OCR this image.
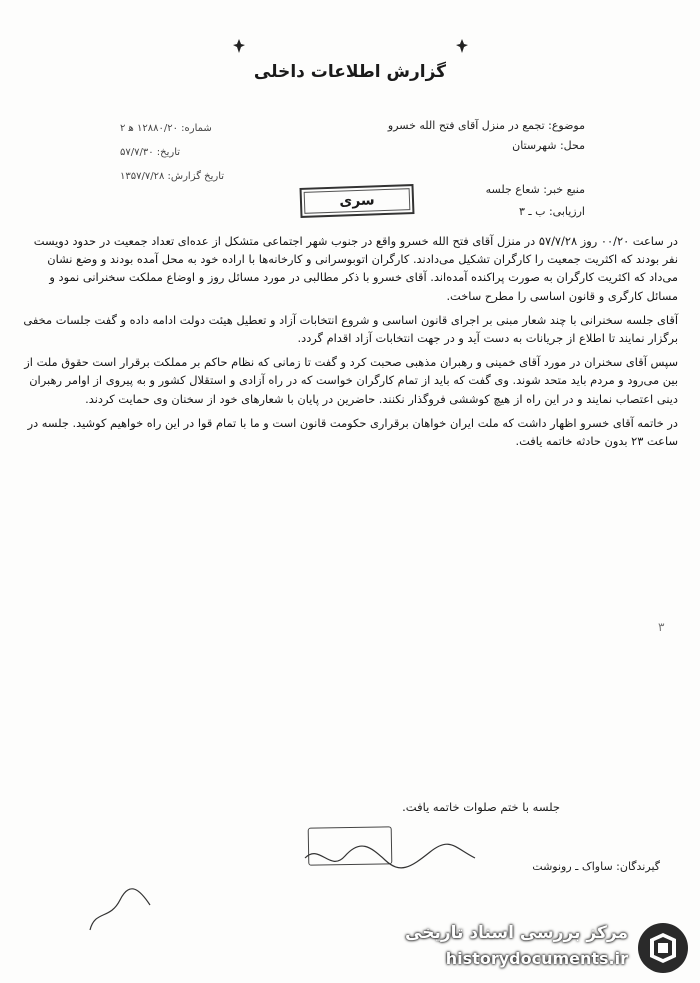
گزارش اطلاعات داخلی
موضوع: تجمع در منزل آقای فتح الله خسرو
محل: شهرستان
منبع خبر: شعاع جلسه
ارزیابی: ب ـ ۳
شماره: ۱۲۸۸۰/۲۰ ه‍ ۲
تاریخ: ۵۷/۷/۳۰
تاریخ گزارش: ۱۳۵۷/۷/۲۸
سری

در ساعت ۰۰/۲۰ روز ۵۷/۷/۲۸ در منزل آقای فتح الله خسرو واقع در جنوب شهر اجتماعی متشکل از عده‌ای تعداد جمعیت در حدود دویست نفر بودند که اکثریت جمعیت را کارگران تشکیل می‌دادند. کارگران اتوبوسرانی و کارخانه‌ها با اراده خود به محل آمده بودند و وضع نشان می‌داد که اکثریت کارگران به صورت پراکنده آمده‌اند. آقای خسرو با ذکر مطالبی در مورد مسائل روز و اوضاع مملکت سخنرانی نمود و مسائل کارگری و قانون اساسی را مطرح ساخت.

آقای جلسه سخنرانی با چند شعار مبنی بر اجرای قانون اساسی و شروع انتخابات آزاد و تعطیل هیئت دولت ادامه داده و گفت جلسات مخفی برگزار نمایند تا اطلاع از جریانات به دست آید و در جهت انتخابات آزاد اقدام گردد.

سپس آقای سخنران در مورد آقای خمینی و رهبران مذهبی صحبت کرد و گفت تا زمانی که نظام حاکم بر مملکت برقرار است حقوق ملت از بین می‌رود و مردم باید متحد شوند. وی گفت که باید از تمام کارگران خواست که در راه آزادی و استقلال کشور و به پیروی از اوامر رهبران دینی اعتصاب نمایند و در این راه از هیچ کوششی فروگذار نکنند. حاضرین در پایان با شعارهای خود از سخنان وی حمایت کردند.

در خاتمه آقای خسرو اظهار داشت که ملت ایران خواهان برقراری حکومت قانون است و ما با تمام قوا در این راه خواهیم کوشید. جلسه در ساعت ۲۳ بدون حادثه خاتمه یافت.

جلسه با ختم صلوات خاتمه یافت.
گیرندگان: ساواک ـ رونوشت
۳
مرکز بررسی اسناد تاریخی
historydocuments.ir
